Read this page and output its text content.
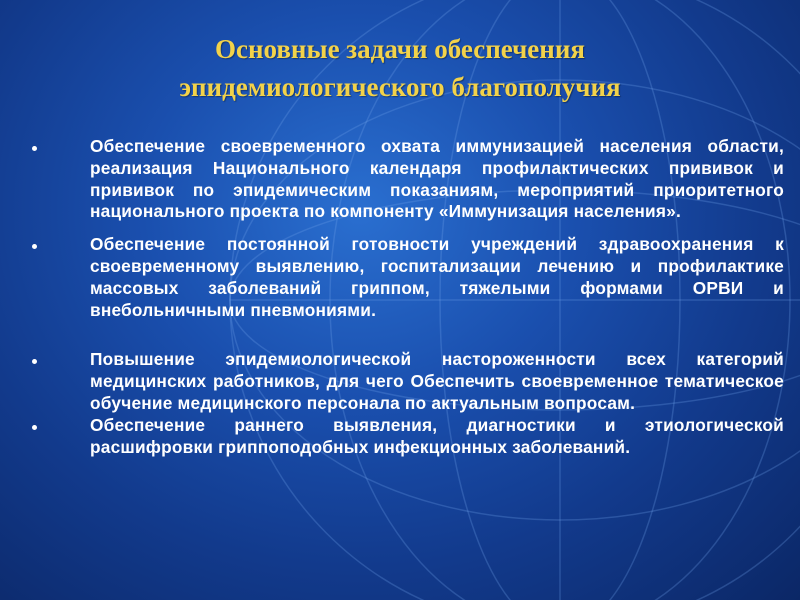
Основные задачи обеспечения
эпидемиологического благополучия
Обеспечение своевременного охвата иммунизацией населения области, реализация Национального календаря профилактических прививок и прививок по эпидемическим показаниям, мероприятий приоритетного национального проекта по компоненту «Иммунизация населения».
Обеспечение постоянной готовности учреждений здравоохранения к своевременному выявлению, госпитализации лечению и профилактике массовых заболеваний гриппом, тяжелыми формами ОРВИ и внебольничными пневмониями.
Повышение эпидемиологической настороженности всех категорий медицинских работников, для чего Обеспечить своевременное тематическое обучение медицинского персонала по актуальным вопросам.
Обеспечение раннего выявления, диагностики и этиологической расшифровки гриппоподобных инфекционных заболеваний.
